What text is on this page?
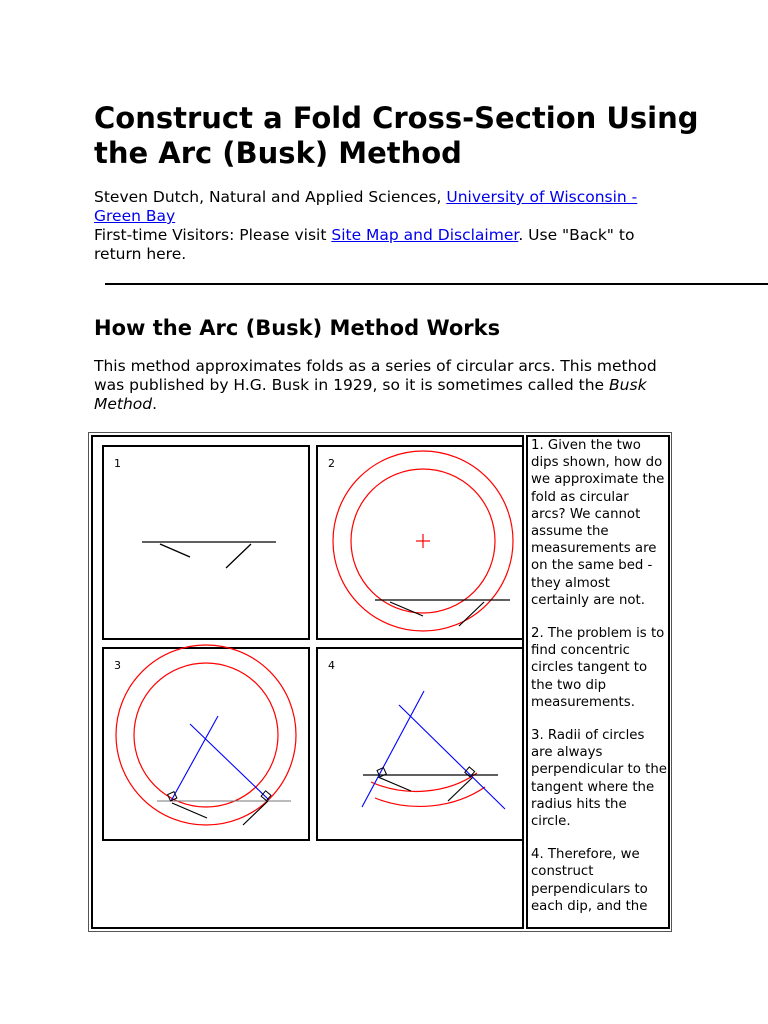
Construct a Fold Cross-Section Using the Arc (Busk) Method
Steven Dutch, Natural and Applied Sciences, University of Wisconsin - Green Bay
First-time Visitors: Please visit Site Map and Disclaimer. Use "Back" to return here.
How the Arc (Busk) Method Works
This method approximates folds as a series of circular arcs. This method was published by H.G. Busk in 1929, so it is sometimes called the Busk Method.
1	2
3	4

1. Given the two dips shown, how do we approximate the fold as circular arcs? We cannot assume the measurements are on the same bed - they almost certainly are not.

2. The problem is to find concentric circles tangent to the two dip measurements.

3. Radii of circles are always perpendicular to the tangent where the radius hits the circle.

4. Therefore, we construct perpendiculars to each dip, and the
